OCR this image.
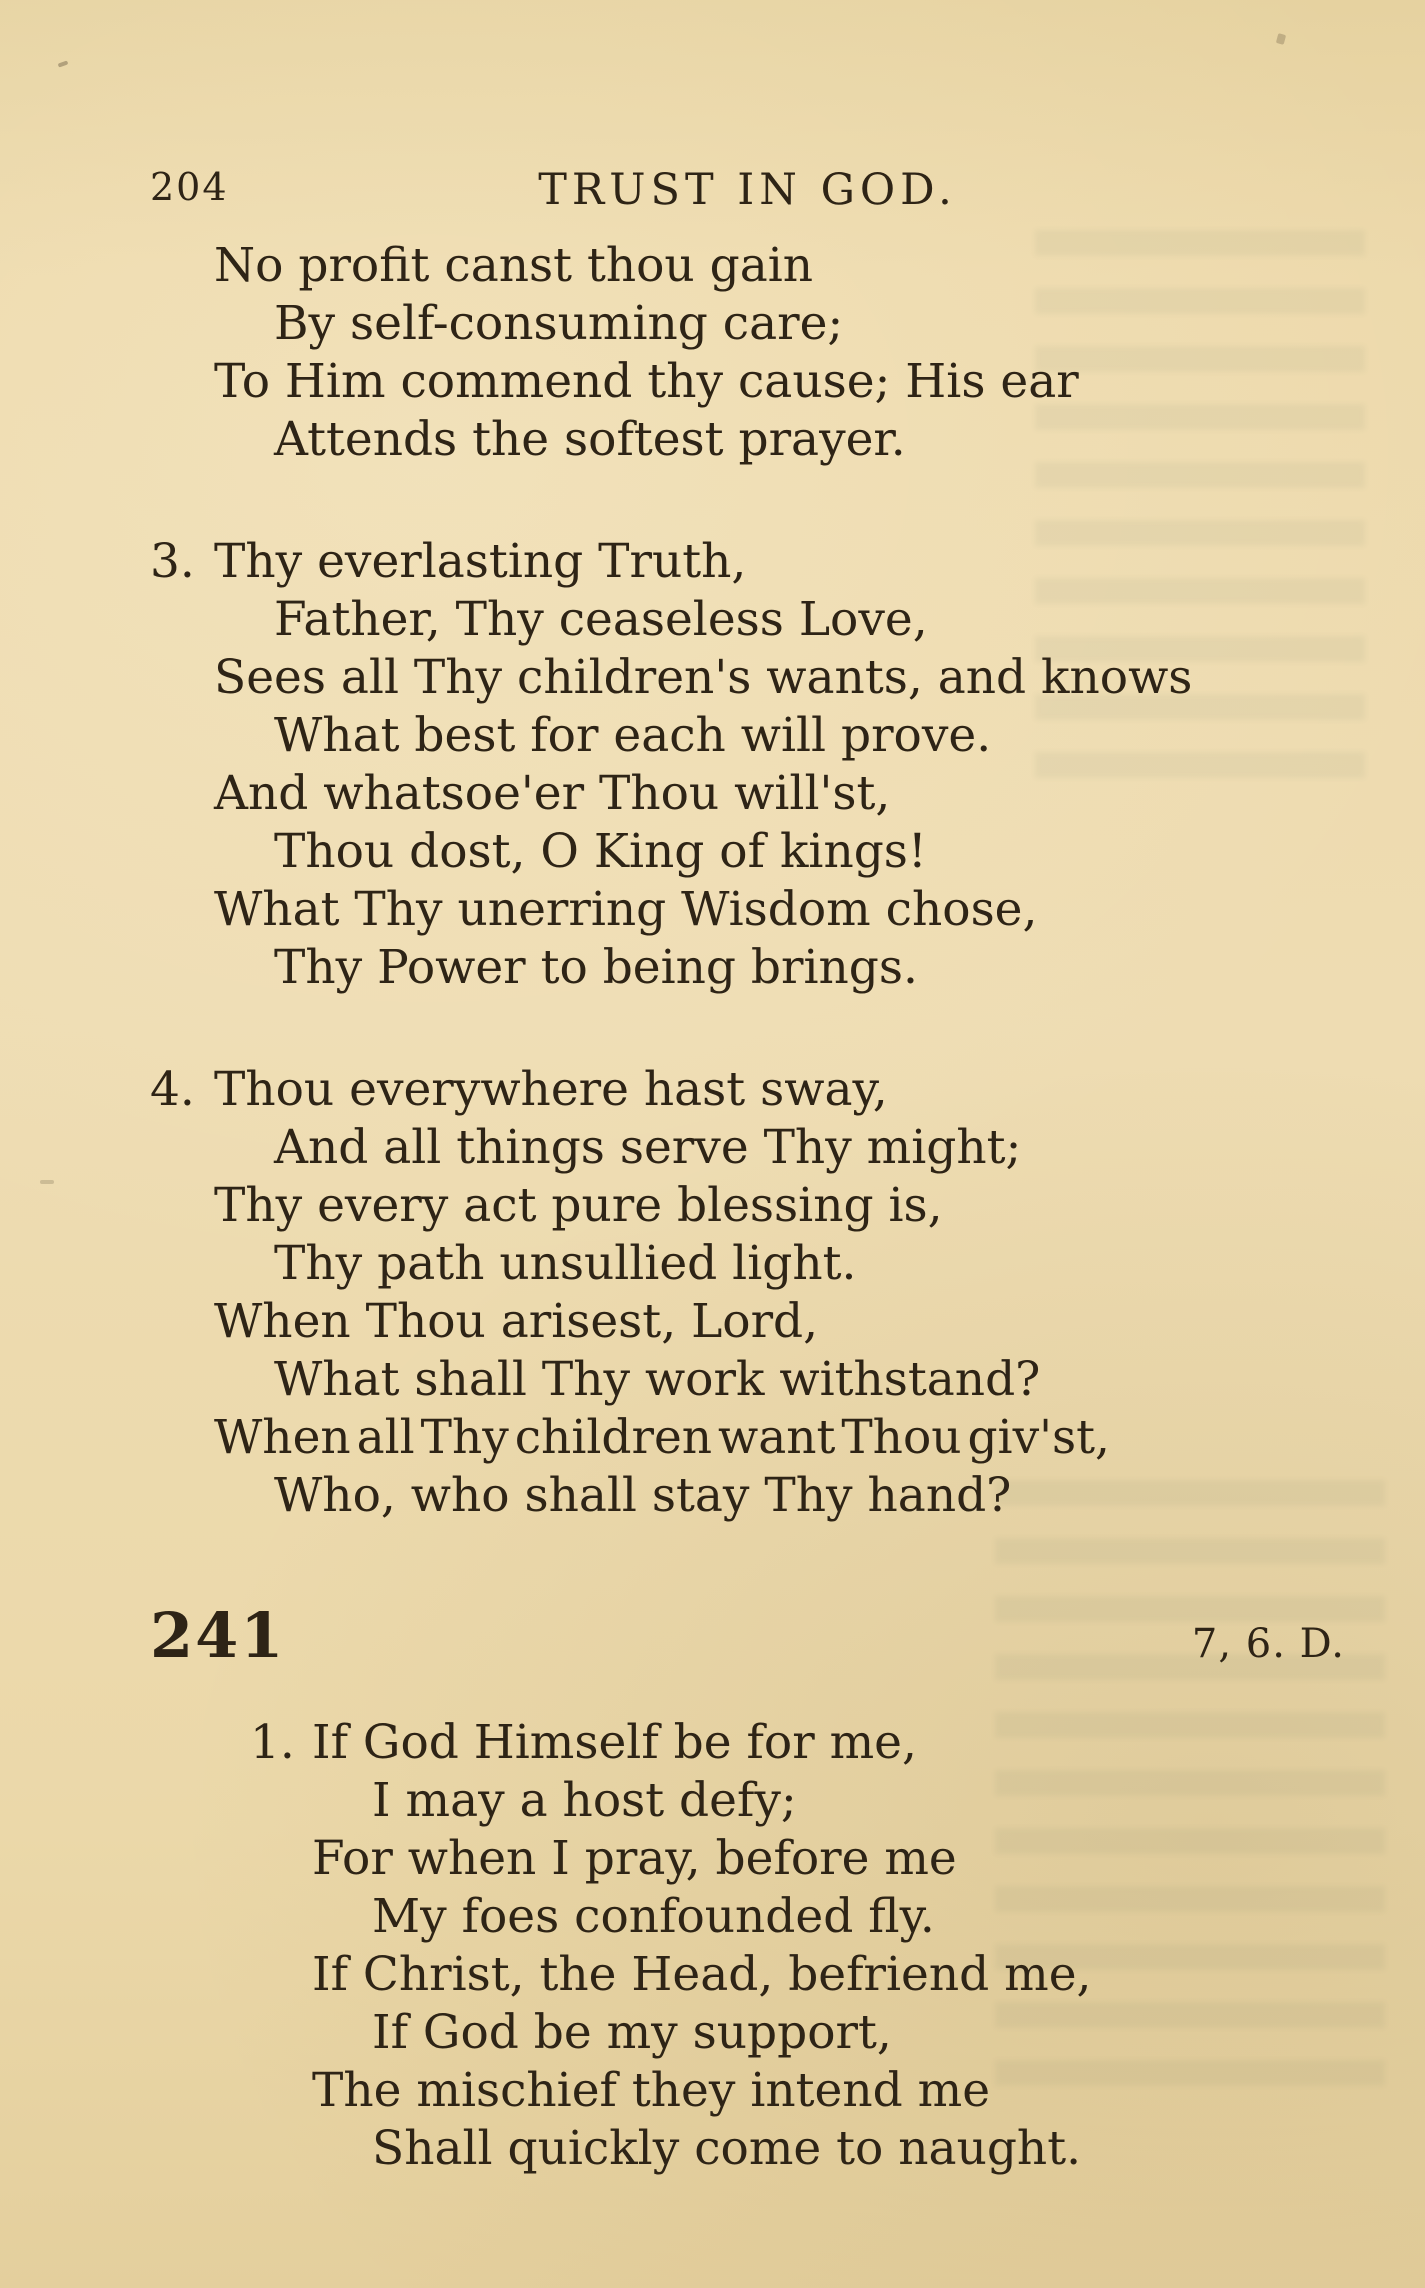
204	TRUST IN GOD.
No profit canst thou gain
By self-consuming care;
To Him commend thy cause; His ear
Attends the softest prayer.
3. Thy everlasting Truth,
Father, Thy ceaseless Love,
Sees all Thy children's wants, and knows
What best for each will prove.
And whatsoe'er Thou will'st,
Thou dost, O King of kings!
What Thy unerring Wisdom chose,
Thy Power to being brings.
4. Thou everywhere hast sway,
And all things serve Thy might;
Thy every act pure blessing is,
Thy path unsullied light.
When Thou arisest, Lord,
What shall Thy work withstand?
When all Thy children want Thou giv'st,
Who, who shall stay Thy hand?
241	7, 6. D.
1. If God Himself be for me,
I may a host defy;
For when I pray, before me
My foes confounded fly.
If Christ, the Head, befriend me,
If God be my support,
The mischief they intend me
Shall quickly come to naught.
